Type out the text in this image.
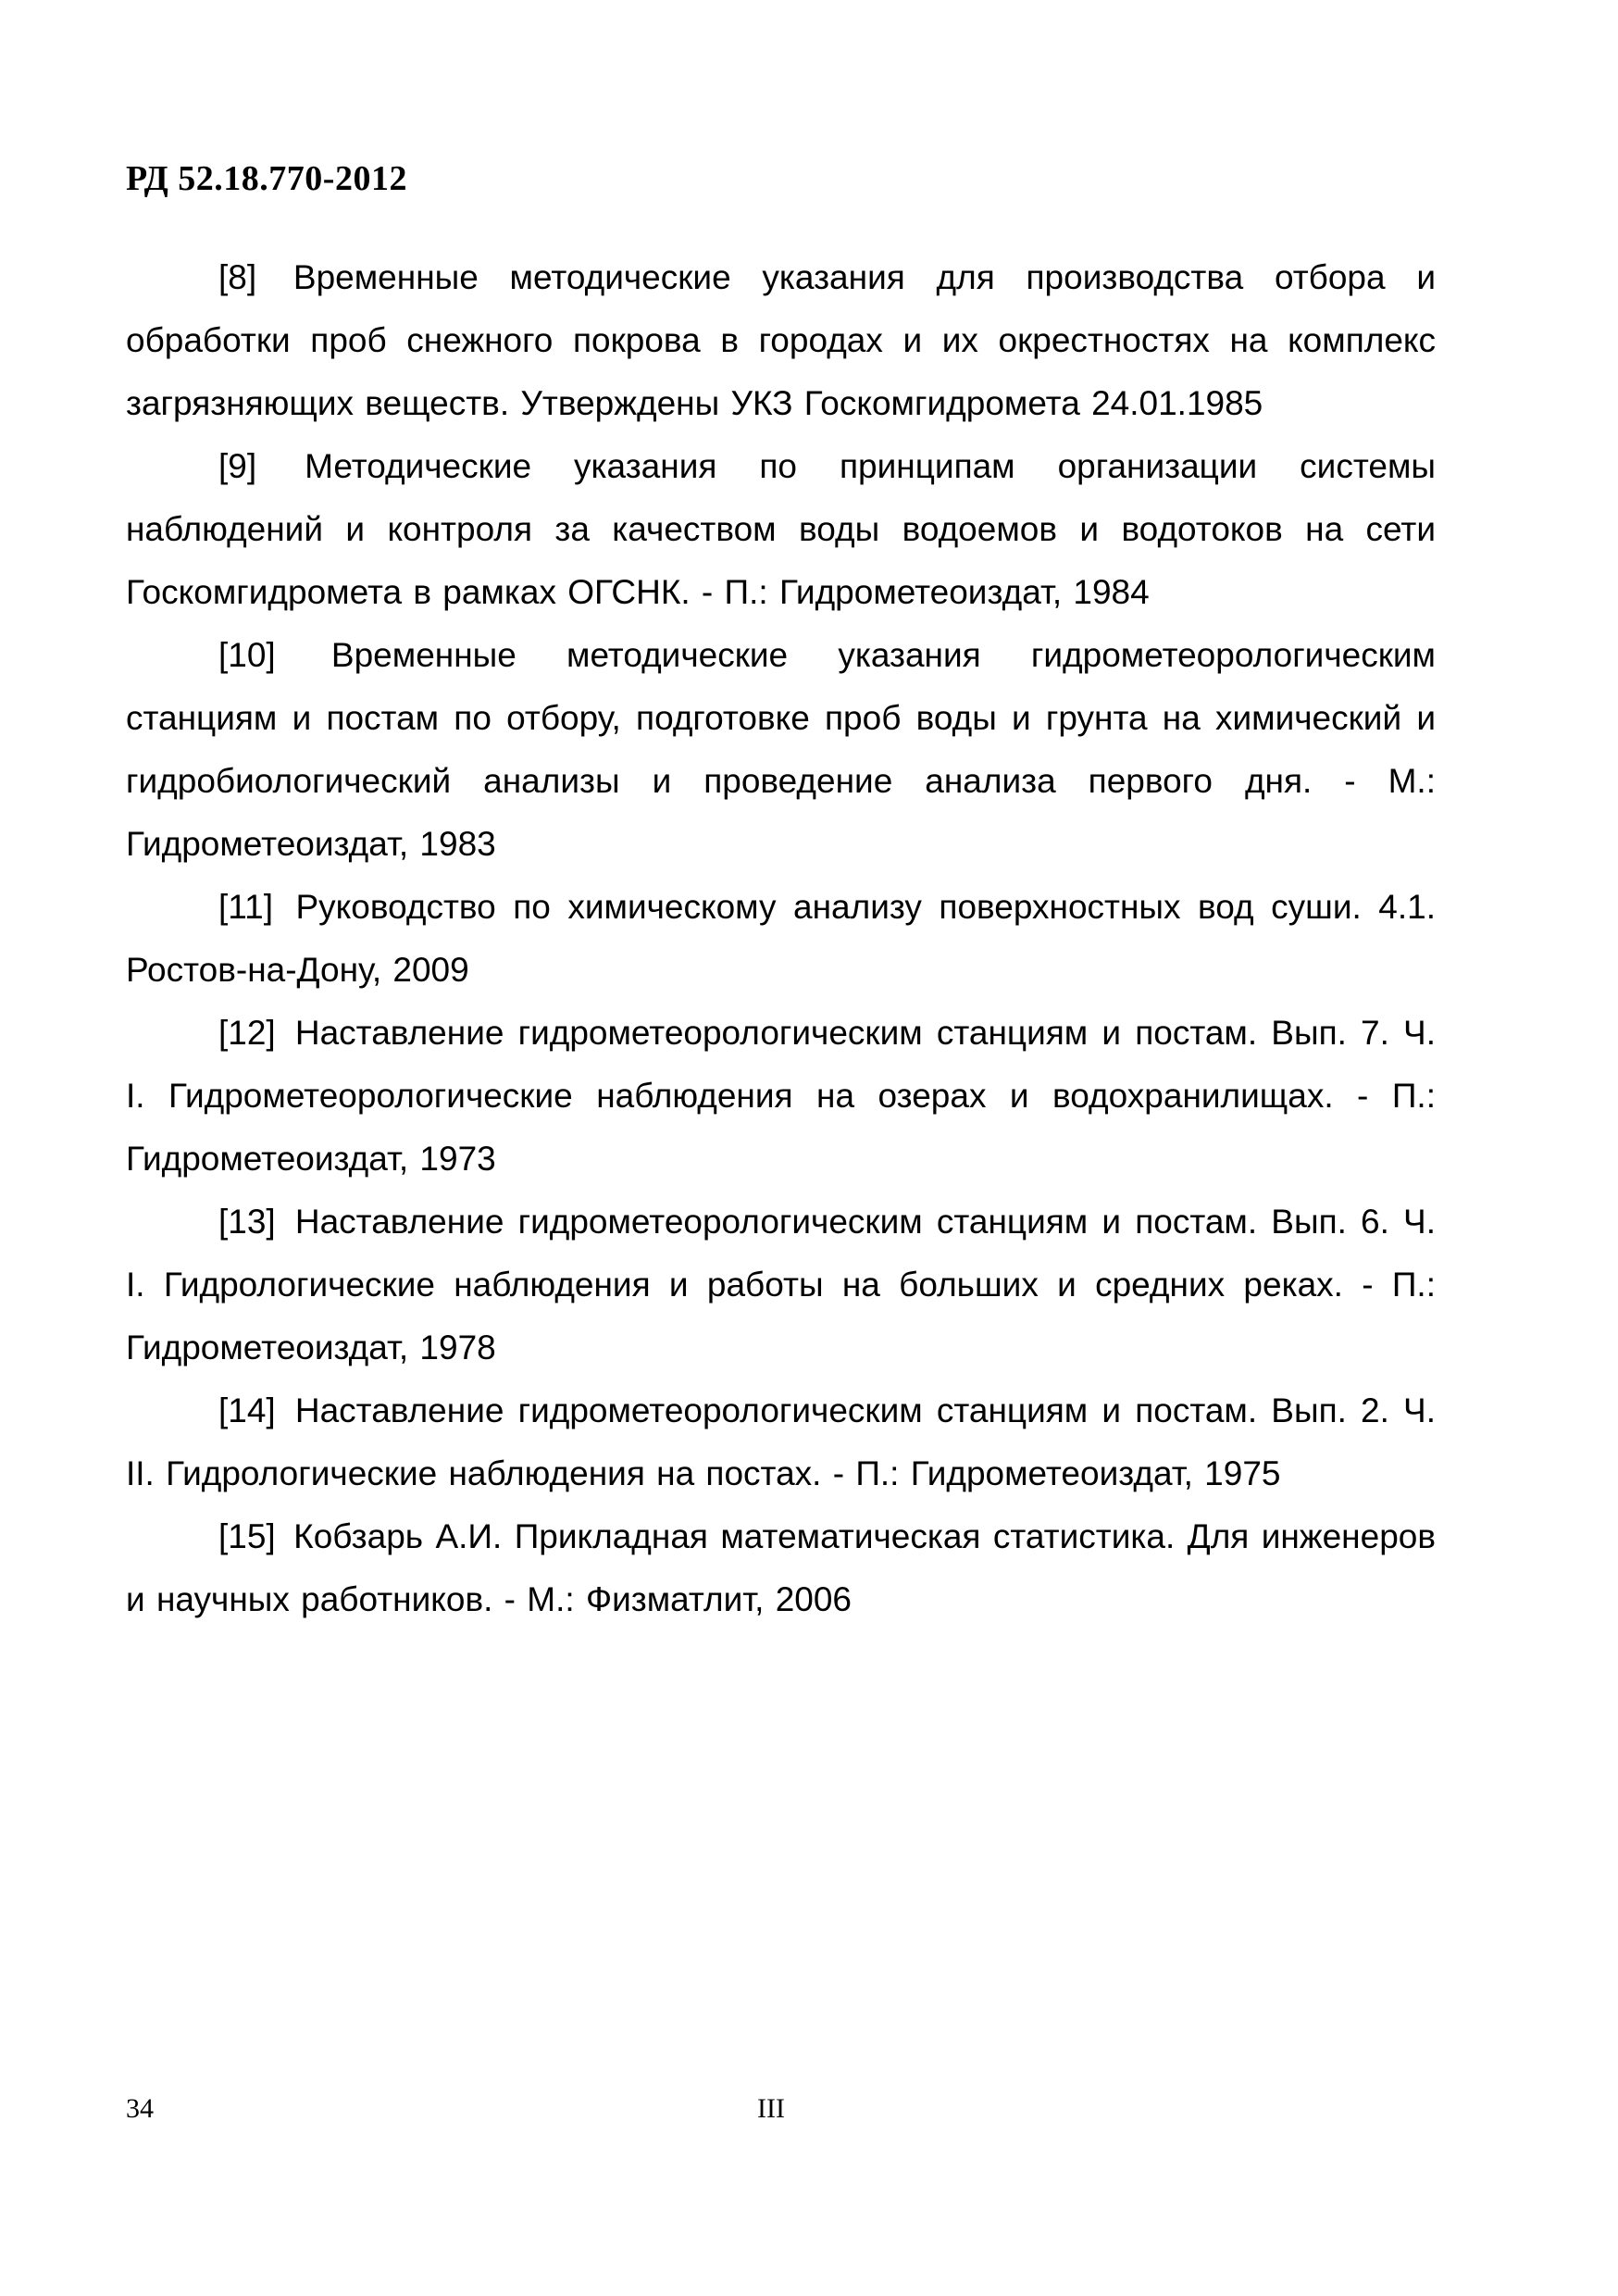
РД 52.18.770-2012

[8] Временные методические указания для производства отбора и обработки проб снежного покрова в городах и их окрестностях на комплекс загрязняющих веществ. Утверждены УКЗ Госкомгидромета 24.01.1985

[9] Методические указания по принципам организации системы наблюдений и контроля за качеством воды водоемов и водотоков на сети Госкомгидромета в рамках ОГСНК. - П.: Гидрометеоиздат, 1984

[10] Временные методические указания гидрометеорологическим станциям и постам по отбору, подготовке проб воды и грунта на химический и гидробиологический анализы и проведение анализа первого дня. - М.: Гидрометеоиздат, 1983

[11] Руководство по химическому анализу поверхностных вод суши. 4.1. Ростов-на-Дону, 2009

[12] Наставление гидрометеорологическим станциям и постам. Вып. 7. Ч. I. Гидрометеорологические наблюдения на озерах и водохранилищах. - П.: Гидрометеоиздат, 1973

[13] Наставление гидрометеорологическим станциям и постам. Вып. 6. Ч. I. Гидрологические наблюдения и работы на больших и средних реках. - П.: Гидрометеоиздат, 1978

[14] Наставление гидрометеорологическим станциям и постам. Вып. 2. Ч. II. Гидрологические наблюдения на постах. - П.: Гидрометеоиздат, 1975

[15] Кобзарь А.И. Прикладная математическая статистика. Для инженеров и научных работников. - М.: Физматлит, 2006

34	III
